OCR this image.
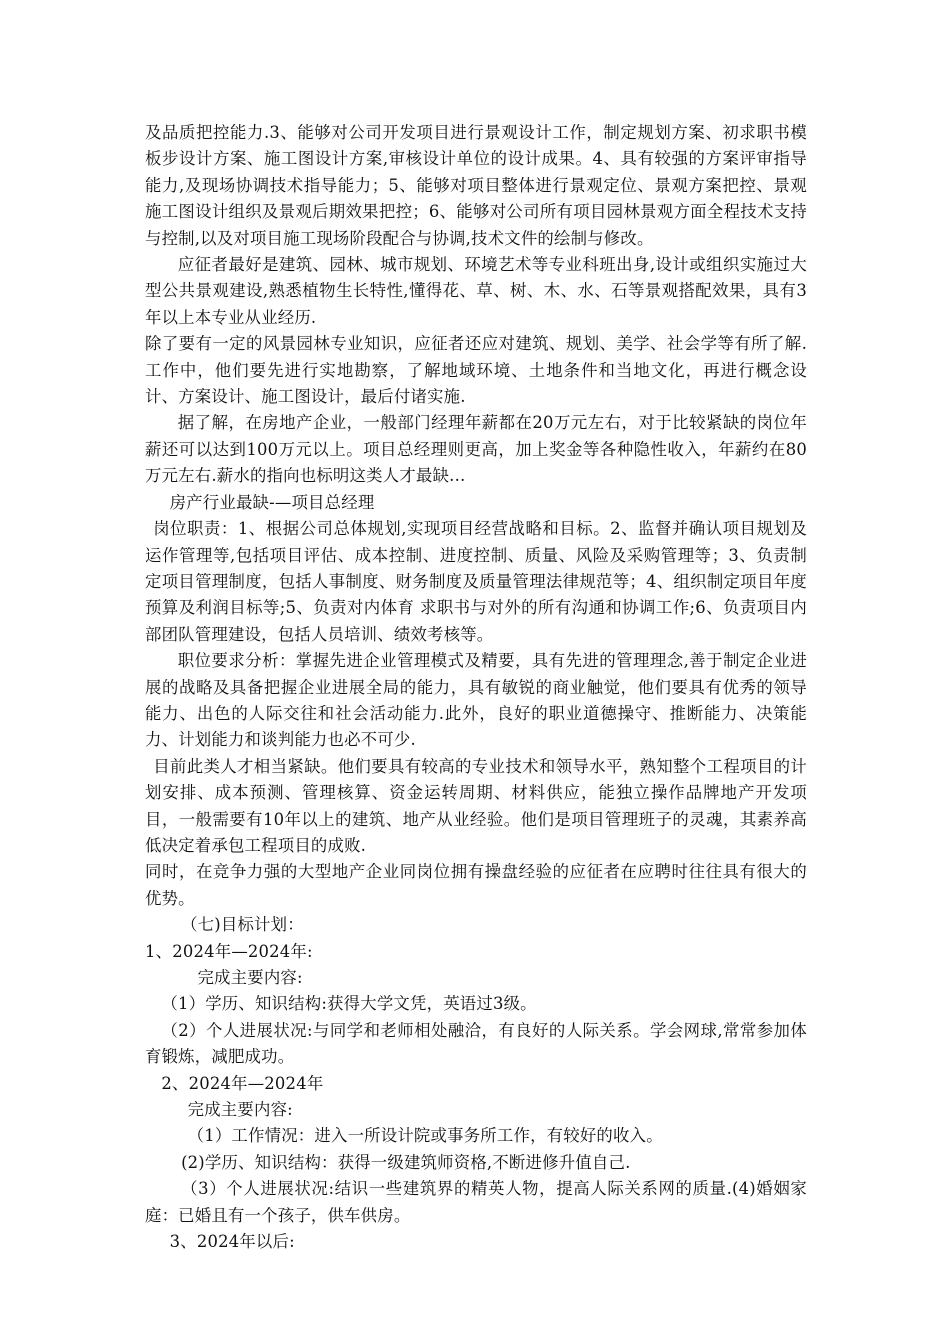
及品质把控能力.3、能够对公司开发项目进行景观设计工作，制定规划方案、初求职书模板步设计方案、施工图设计方案,审核设计单位的设计成果。4、具有较强的方案评审指导能力,及现场协调技术指导能力；5、能够对项目整体进行景观定位、景观方案把控、景观施工图设计组织及景观后期效果把控；6、能够对公司所有项目园林景观方面全程技术支持与控制,以及对项目施工现场阶段配合与协调,技术文件的绘制与修改。

应征者最好是建筑、园林、城市规划、环境艺术等专业科班出身,设计或组织实施过大型公共景观建设,熟悉植物生长特性,懂得花、草、树、木、水、石等景观搭配效果，具有3年以上本专业从业经历.

除了要有一定的风景园林专业知识，应征者还应对建筑、规划、美学、社会学等有所了解.工作中，他们要先进行实地勘察，了解地域环境、土地条件和当地文化，再进行概念设计、方案设计、施工图设计，最后付诸实施.

据了解，在房地产企业，一般部门经理年薪都在20万元左右，对于比较紧缺的岗位年薪还可以达到100万元以上。项目总经理则更高，加上奖金等各种隐性收入，年薪约在80万元左右.薪水的指向也标明这类人才最缺…

房产行业最缺-—项目总经理

岗位职责：1、根据公司总体规划,实现项目经营战略和目标。2、监督并确认项目规划及运作管理等,包括项目评估、成本控制、进度控制、质量、风险及采购管理等；3、负责制定项目管理制度，包括人事制度、财务制度及质量管理法律规范等；4、组织制定项目年度预算及利润目标等;5、负责对内体育 求职书与对外的所有沟通和协调工作;6、负责项目内部团队管理建设，包括人员培训、绩效考核等。

职位要求分析：掌握先进企业管理模式及精要，具有先进的管理理念,善于制定企业进展的战略及具备把握企业进展全局的能力，具有敏锐的商业触觉，他们要具有优秀的领导能力、出色的人际交往和社会活动能力.此外，良好的职业道德操守、推断能力、决策能力、计划能力和谈判能力也必不可少.

目前此类人才相当紧缺。他们要具有较高的专业技术和领导水平，熟知整个工程项目的计划安排、成本预测、管理核算、资金运转周期、材料供应，能独立操作品牌地产开发项目，一般需要有10年以上的建筑、地产从业经验。他们是项目管理班子的灵魂，其素养高低决定着承包工程项目的成败.

同时，在竞争力强的大型地产企业同岗位拥有操盘经验的应征者在应聘时往往具有很大的优势。

（七)目标计划：

1、2024年—2024年:

完成主要内容:

（1）学历、知识结构:获得大学文凭，英语过3级。

（2）个人进展状况:与同学和老师相处融洽，有良好的人际关系。学会网球,常常参加体育锻炼，减肥成功。

2、2024年—2024年

完成主要内容:

（1）工作情况：进入一所设计院或事务所工作，有较好的收入。

(2)学历、知识结构：获得一级建筑师资格,不断进修升值自己.

（3）个人进展状况:结识一些建筑界的精英人物，提高人际关系网的质量.(4)婚姻家庭：已婚且有一个孩子，供车供房。

3、2024年以后:
